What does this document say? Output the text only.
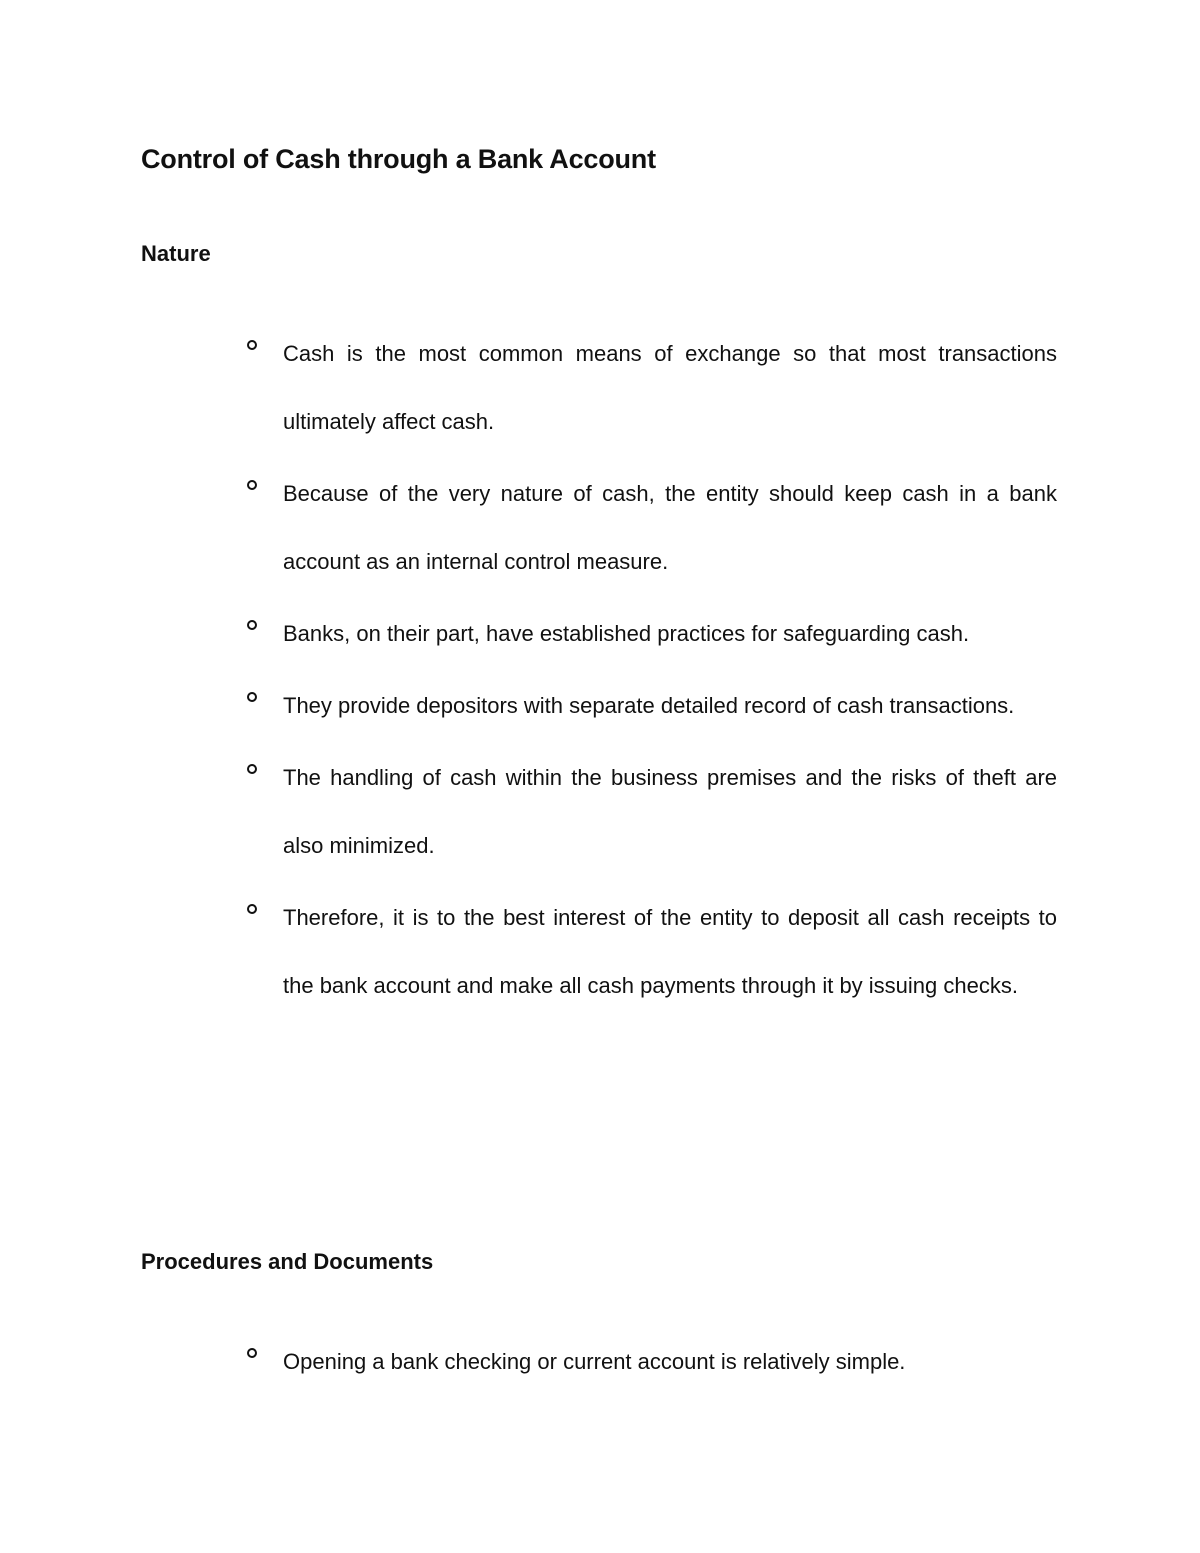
Control of Cash through a Bank Account
Nature
Cash is the most common means of exchange so that most transactions ultimately affect cash.
Because of the very nature of cash, the entity should keep cash in a bank account as an internal control measure.
Banks, on their part, have established practices for safeguarding cash.
They provide depositors with separate detailed record of cash transactions.
The handling of cash within the business premises and the risks of theft are also minimized.
Therefore, it is to the best interest of the entity to deposit all cash receipts to the bank account and make all cash payments through it by issuing checks.
Procedures and Documents
Opening a bank checking or current account is relatively simple.
